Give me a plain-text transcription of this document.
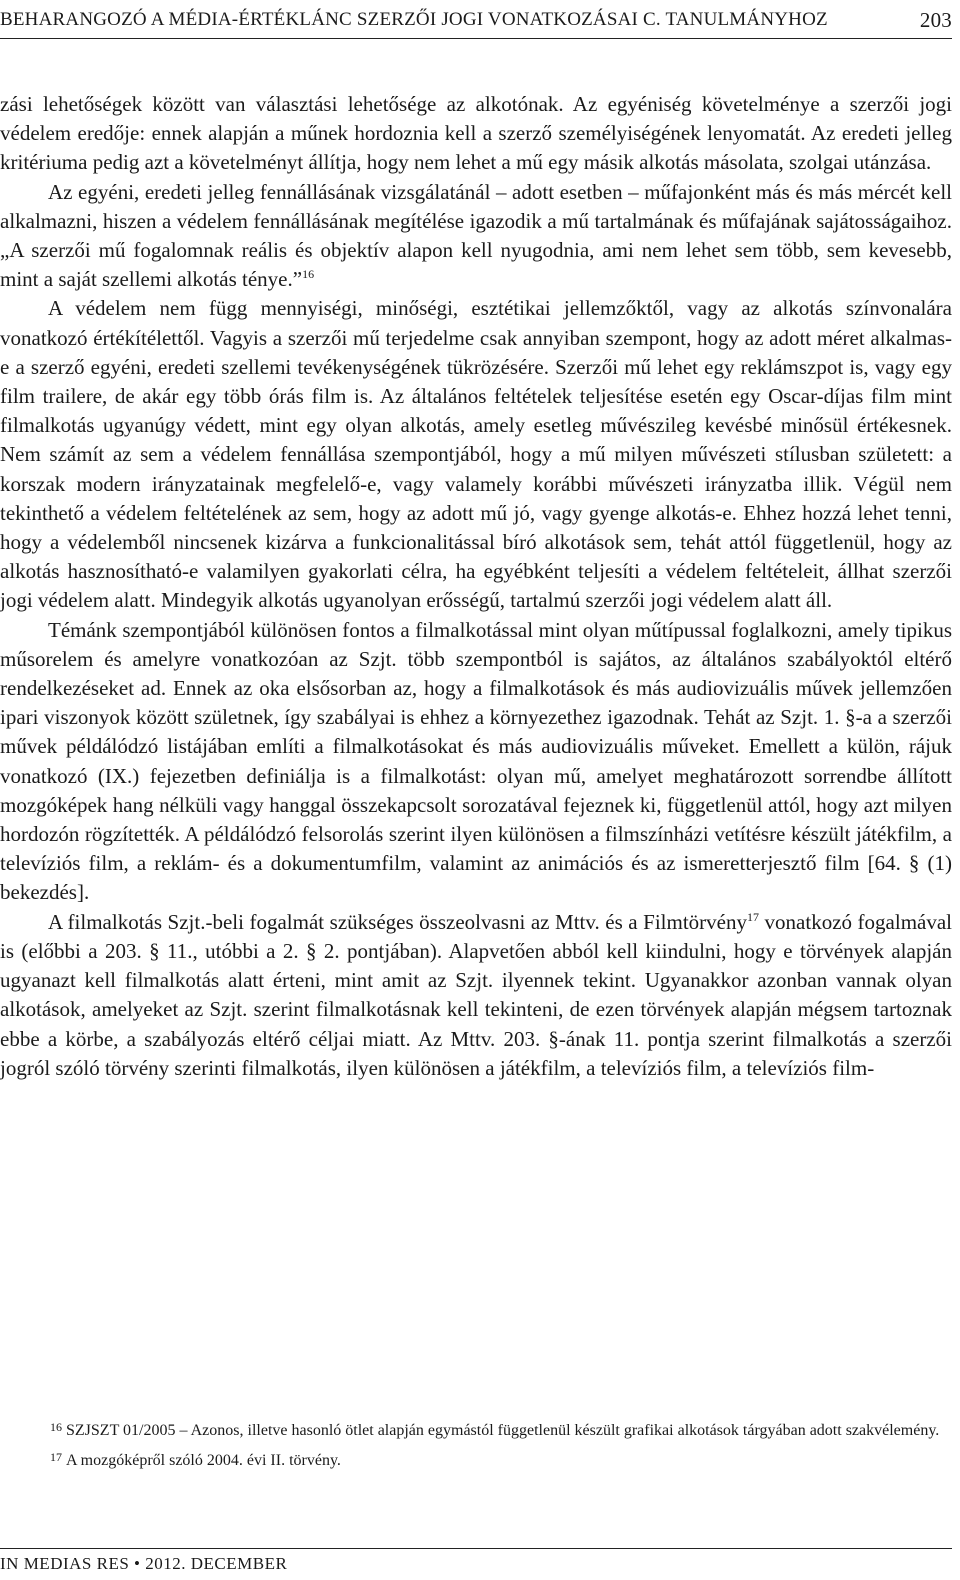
BEHARANGOZÓ A MÉDIA-ÉRTÉKLÁNC SZERZŐI JOGI VONATKOZÁSAI C. TANULMÁNYHOZ	203

zási lehetőségek között van választási lehetősége az alkotónak. Az egyéniség követelménye a szerzői jogi védelem eredője: ennek alapján a műnek hordoznia kell a szerző személyiségének lenyomatát. Az eredeti jelleg kritériuma pedig azt a követelményt állítja, hogy nem lehet a mű egy másik alkotás másolata, szolgai utánzása.

Az egyéni, eredeti jelleg fennállásának vizsgálatánál – adott esetben – műfajonként más és más mércét kell alkalmazni, hiszen a védelem fennállásának megítélése igazodik a mű tartalmának és műfajának sajátosságaihoz. „A szerzői mű fogalomnak reális és objektív alapon kell nyugodnia, ami nem lehet sem több, sem kevesebb, mint a saját szellemi alkotás ténye.”$^{16}$

A védelem nem függ mennyiségi, minőségi, esztétikai jellemzőktől, vagy az alkotás színvonalára vonatkozó értékítélettől. Vagyis a szerzői mű terjedelme csak annyiban szempont, hogy az adott méret alkalmas-e a szerző egyéni, eredeti szellemi tevékenységének tükrözésére. Szerzői mű lehet egy reklámszpot is, vagy egy film trailere, de akár egy több órás film is. Az általános feltételek teljesítése esetén egy Oscar-díjas film mint filmalkotás ugyanúgy védett, mint egy olyan alkotás, amely esetleg művészileg kevésbé minősül értékesnek. Nem számít az sem a védelem fennállása szempontjából, hogy a mű milyen művészeti stílusban született: a korszak modern irányzatainak megfelelő-e, vagy valamely korábbi művészeti irányzatba illik. Végül nem tekinthető a védelem feltételének az sem, hogy az adott mű jó, vagy gyenge alkotás-e. Ehhez hozzá lehet tenni, hogy a védelemből nincsenek kizárva a funkcionalitással bíró alkotások sem, tehát attól függetlenül, hogy az alkotás hasznosítható-e valamilyen gyakorlati célra, ha egyébként teljesíti a védelem feltételeit, állhat szerzői jogi védelem alatt. Mindegyik alkotás ugyanolyan erősségű, tartalmú szerzői jogi védelem alatt áll.

Témánk szempontjából különösen fontos a filmalkotással mint olyan műtípussal foglalkozni, amely tipikus műsorelem és amelyre vonatkozóan az Szjt. több szempontból is sajátos, az általános szabályoktól eltérő rendelkezéseket ad. Ennek az oka elsősorban az, hogy a filmalkotások és más audiovizuális művek jellemzően ipari viszonyok között születnek, így szabályai is ehhez a környezethez igazodnak. Tehát az Szjt. 1. §-a a szerzői művek példálódzó listájában említi a filmalkotásokat és más audiovizuális műveket. Emellett a külön, rájuk vonatkozó (IX.) fejezetben definiálja is a filmalkotást: olyan mű, amelyet meghatározott sorrendbe állított mozgóképek hang nélküli vagy hanggal összekapcsolt sorozatával fejeznek ki, függetlenül attól, hogy azt milyen hordozón rögzítették. A példálódzó felsorolás szerint ilyen különösen a filmszínházi vetítésre készült játékfilm, a televíziós film, a reklám- és a dokumentumfilm, valamint az animációs és az ismeretterjesztő film [64. § (1) bekezdés].

A filmalkotás Szjt.-beli fogalmát szükséges összeolvasni az Mttv. és a Filmtörvény$^{17}$ vonatkozó fogalmával is (előbbi a 203. § 11., utóbbi a 2. § 2. pontjában). Alapvetően abból kell kiindulni, hogy e törvények alapján ugyanazt kell filmalkotás alatt érteni, mint amit az Szjt. ilyennek tekint. Ugyanakkor azonban vannak olyan alkotások, amelyeket az Szjt. szerint filmalkotásnak kell tekinteni, de ezen törvények alapján mégsem tartoznak ebbe a körbe, a szabályozás eltérő céljai miatt. Az Mttv. 203. §-ának 11. pontja szerint filmalkotás a szerzői jogról szóló törvény szerinti filmalkotás, ilyen különösen a játékfilm, a televíziós film, a televíziós film-

$^{16}$ SZJSZT 01/2005 – Azonos, illetve hasonló ötlet alapján egymástól függetlenül készült grafikai alkotások tárgyában adott szakvélemény.

$^{17}$ A mozgóképről szóló 2004. évi II. törvény.

IN MEDIAS RES • 2012. DECEMBER
